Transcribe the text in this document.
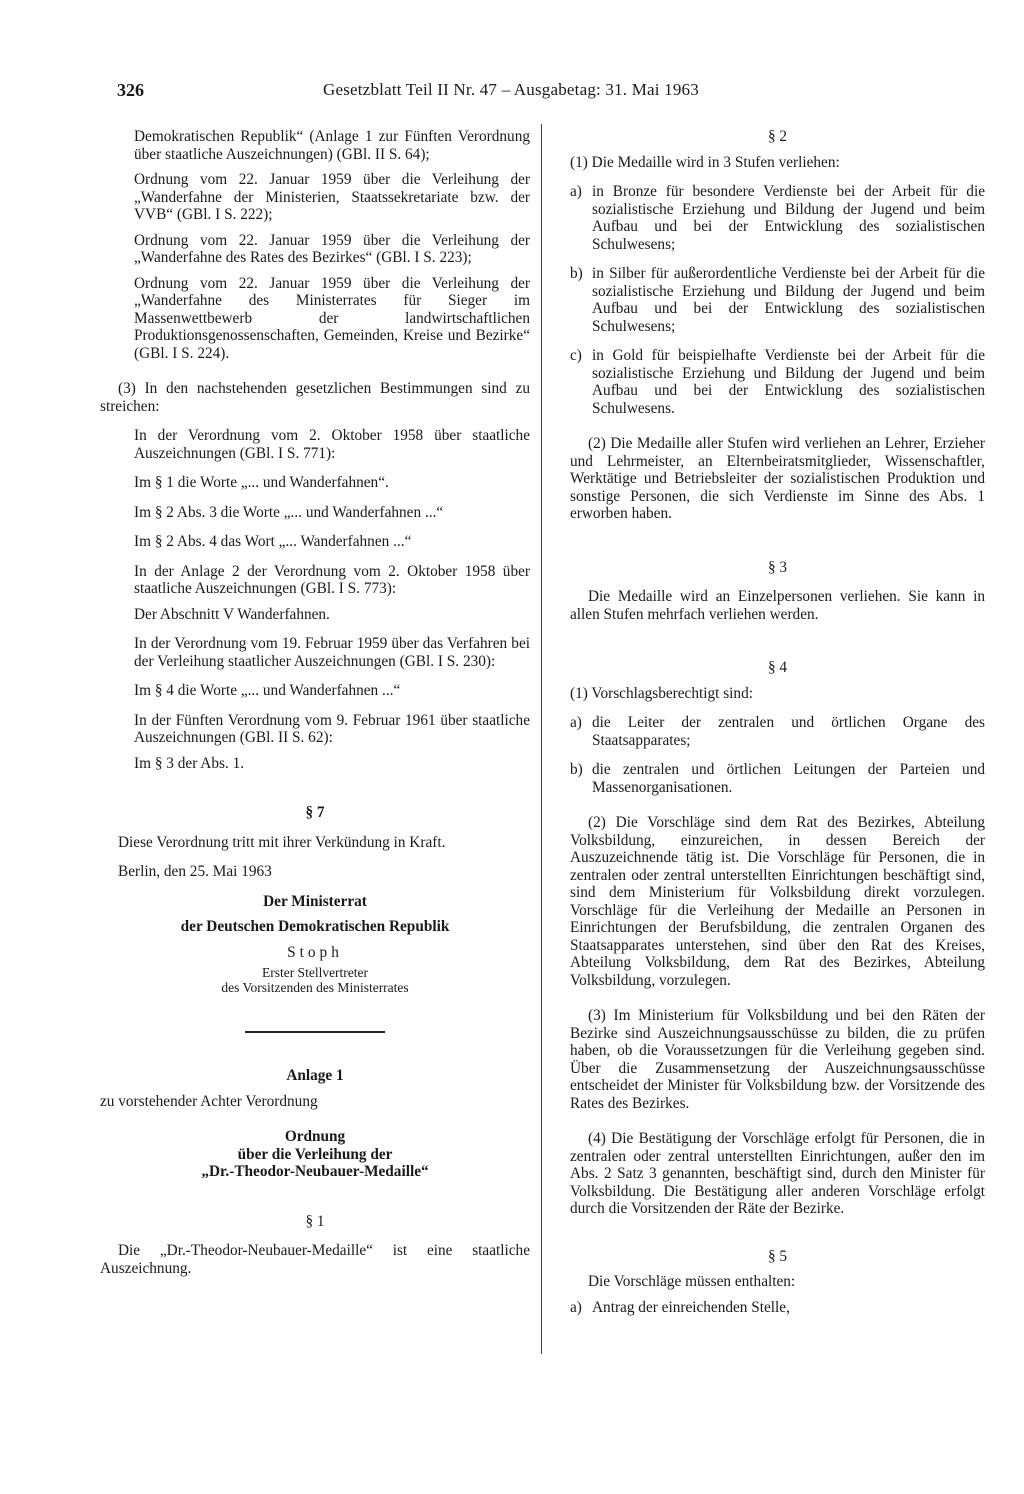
326	Gesetzblatt Teil II Nr. 47 – Ausgabetag: 31. Mai 1963

Demokratischen Republik“ (Anlage 1 zur Fünften Verordnung über staatliche Auszeichnungen) (GBl. II S. 64);

Ordnung vom 22. Januar 1959 über die Verleihung der „Wanderfahne der Ministerien, Staatssekretariate bzw. der VVB“ (GBl. I S. 222);

Ordnung vom 22. Januar 1959 über die Verleihung der „Wanderfahne des Rates des Bezirkes“ (GBl. I S. 223);

Ordnung vom 22. Januar 1959 über die Verleihung der „Wanderfahne des Ministerrates für Sieger im Massenwettbewerb der landwirtschaftlichen Produktionsgenossenschaften, Gemeinden, Kreise und Bezirke“ (GBl. I S. 224).

(3) In den nachstehenden gesetzlichen Bestimmungen sind zu streichen:

In der Verordnung vom 2. Oktober 1958 über staatliche Auszeichnungen (GBl. I S. 771):

Im § 1 die Worte „... und Wanderfahnen“.

Im § 2 Abs. 3 die Worte „... und Wanderfahnen ...“

Im § 2 Abs. 4 das Wort „... Wanderfahnen ...“

In der Anlage 2 der Verordnung vom 2. Oktober 1958 über staatliche Auszeichnungen (GBl. I S. 773):

Der Abschnitt V Wanderfahnen.

In der Verordnung vom 19. Februar 1959 über das Verfahren bei der Verleihung staatlicher Auszeichnungen (GBl. I S. 230):

Im § 4 die Worte „... und Wanderfahnen ...“

In der Fünften Verordnung vom 9. Februar 1961 über staatliche Auszeichnungen (GBl. II S. 62):

Im § 3 der Abs. 1.

§ 7

Diese Verordnung tritt mit ihrer Verkündung in Kraft.

Berlin, den 25. Mai 1963

Der Ministerrat

der Deutschen Demokratischen Republik

Stoph

Erster Stellvertreter

des Vorsitzenden des Ministerrates

Anlage 1

zu vorstehender Achter Verordnung

Ordnung

über die Verleihung der

„Dr.-Theodor-Neubauer-Medaille“

§ 1

Die „Dr.-Theodor-Neubauer-Medaille“ ist eine staatliche Auszeichnung.

§ 2

(1) Die Medaille wird in 3 Stufen verliehen:

a) in Bronze für besondere Verdienste bei der Arbeit für die sozialistische Erziehung und Bildung der Jugend und beim Aufbau und bei der Entwicklung des sozialistischen Schulwesens;
b) in Silber für außerordentliche Verdienste bei der Arbeit für die sozialistische Erziehung und Bildung der Jugend und beim Aufbau und bei der Entwicklung des sozialistischen Schulwesens;
c) in Gold für beispielhafte Verdienste bei der Arbeit für die sozialistische Erziehung und Bildung der Jugend und beim Aufbau und bei der Entwicklung des sozialistischen Schulwesens.

(2) Die Medaille aller Stufen wird verliehen an Lehrer, Erzieher und Lehrmeister, an Elternbeiratsmitglieder, Wissenschaftler, Werktätige und Betriebsleiter der sozialistischen Produktion und sonstige Personen, die sich Verdienste im Sinne des Abs. 1 erworben haben.

§ 3

Die Medaille wird an Einzelpersonen verliehen. Sie kann in allen Stufen mehrfach verliehen werden.

§ 4

(1) Vorschlagsberechtigt sind:

a) die Leiter der zentralen und örtlichen Organe des Staatsapparates;
b) die zentralen und örtlichen Leitungen der Parteien und Massenorganisationen.

(2) Die Vorschläge sind dem Rat des Bezirkes, Abteilung Volksbildung, einzureichen, in dessen Bereich der Auszuzeichnende tätig ist. Die Vorschläge für Personen, die in zentralen oder zentral unterstellten Einrichtungen beschäftigt sind, sind dem Ministerium für Volksbildung direkt vorzulegen. Vorschläge für die Verleihung der Medaille an Personen in Einrichtungen der Berufsbildung, die zentralen Organen des Staatsapparates unterstehen, sind über den Rat des Kreises, Abteilung Volksbildung, dem Rat des Bezirkes, Abteilung Volksbildung, vorzulegen.

(3) Im Ministerium für Volksbildung und bei den Räten der Bezirke sind Auszeichnungsausschüsse zu bilden, die zu prüfen haben, ob die Voraussetzungen für die Verleihung gegeben sind. Über die Zusammensetzung der Auszeichnungsausschüsse entscheidet der Minister für Volksbildung bzw. der Vorsitzende des Rates des Bezirkes.

(4) Die Bestätigung der Vorschläge erfolgt für Personen, die in zentralen oder zentral unterstellten Einrichtungen, außer den im Abs. 2 Satz 3 genannten, beschäftigt sind, durch den Minister für Volksbildung. Die Bestätigung aller anderen Vorschläge erfolgt durch die Vorsitzenden der Räte der Bezirke.

§ 5

Die Vorschläge müssen enthalten:

a) Antrag der einreichenden Stelle,
